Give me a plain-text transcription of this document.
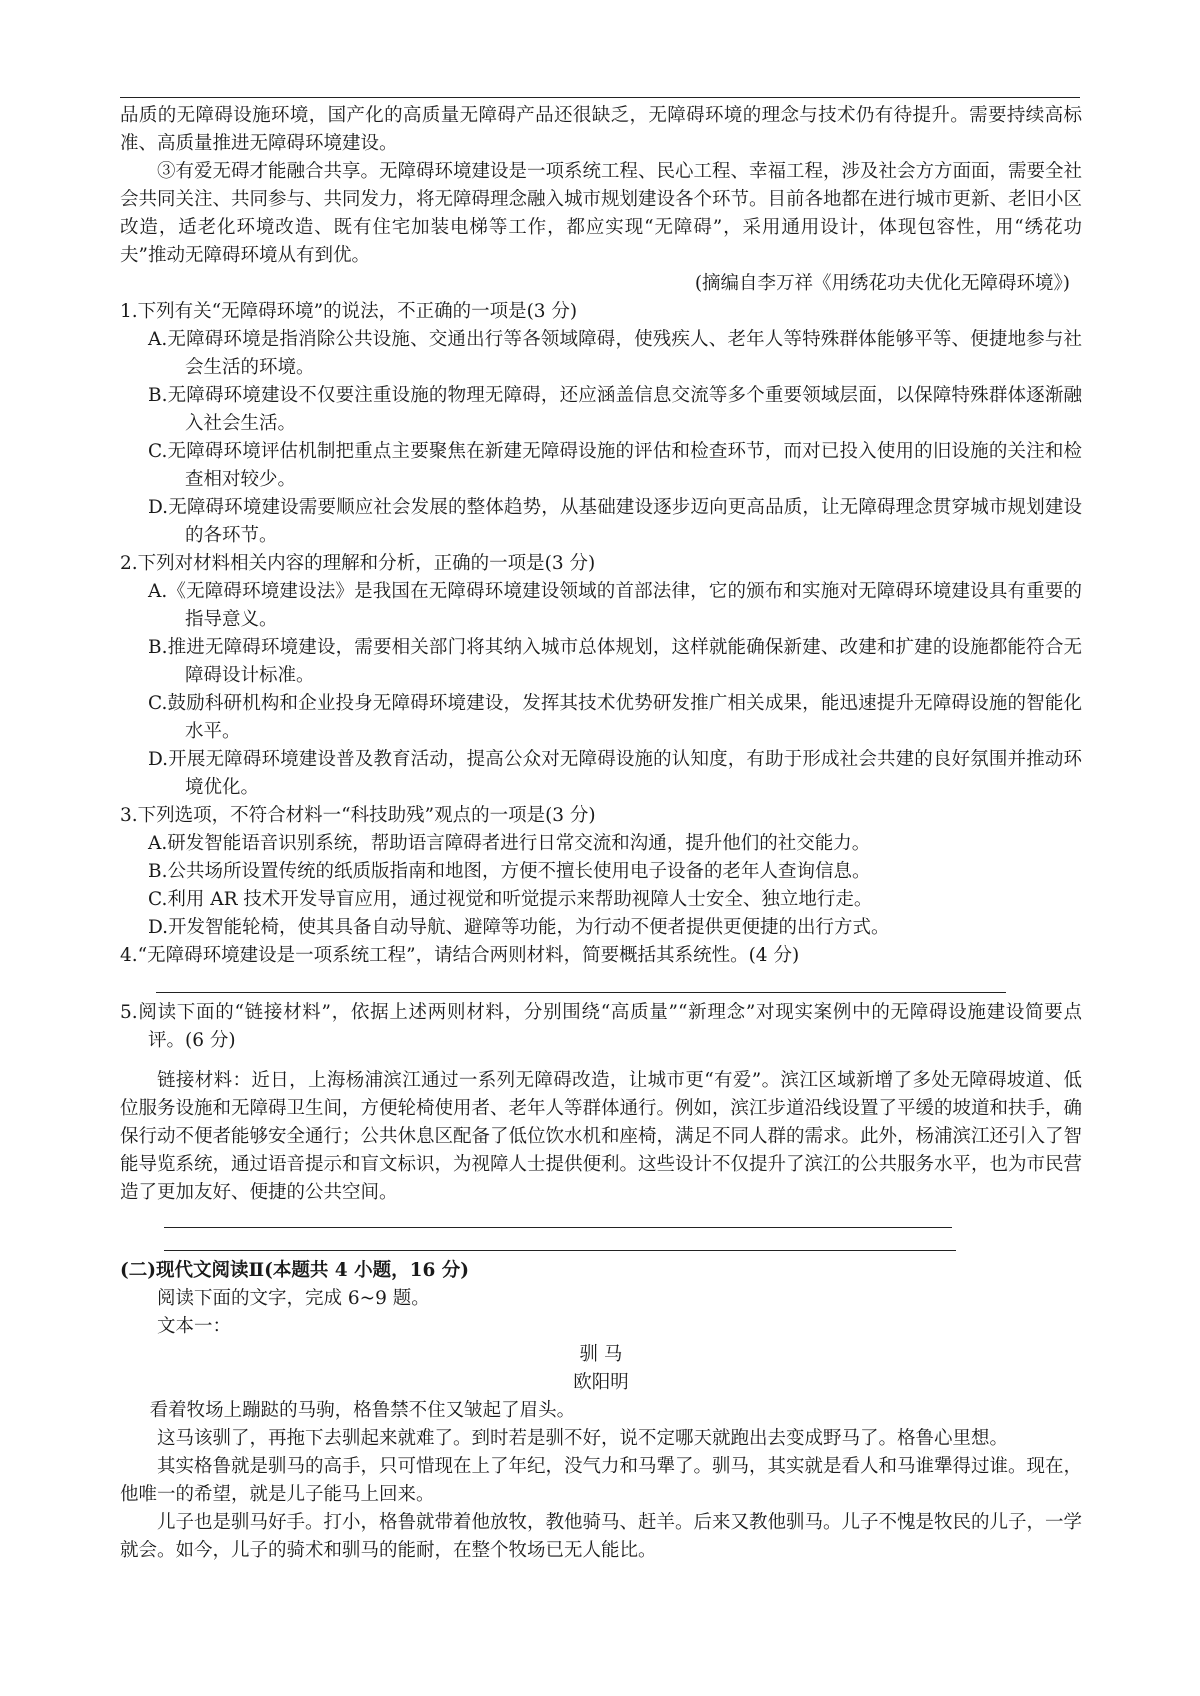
品质的无障碍设施环境，国产化的高质量无障碍产品还很缺乏，无障碍环境的理念与技术仍有待提升。需要持续高标准、高质量推进无障碍环境建设。

③有爱无碍才能融合共享。无障碍环境建设是一项系统工程、民心工程、幸福工程，涉及社会方方面面，需要全社会共同关注、共同参与、共同发力，将无障碍理念融入城市规划建设各个环节。目前各地都在进行城市更新、老旧小区改造，适老化环境改造、既有住宅加装电梯等工作，都应实现“无障碍”，采用通用设计，体现包容性，用“绣花功夫”推动无障碍环境从有到优。

(摘编自李万祥《用绣花功夫优化无障碍环境》)

1.下列有关“无障碍环境”的说法，不正确的一项是(3 分)

A.无障碍环境是指消除公共设施、交通出行等各领域障碍，使残疾人、老年人等特殊群体能够平等、便捷地参与社会生活的环境。

B.无障碍环境建设不仅要注重设施的物理无障碍，还应涵盖信息交流等多个重要领域层面，以保障特殊群体逐渐融入社会生活。

C.无障碍环境评估机制把重点主要聚焦在新建无障碍设施的评估和检查环节，而对已投入使用的旧设施的关注和检查相对较少。

D.无障碍环境建设需要顺应社会发展的整体趋势，从基础建设逐步迈向更高品质，让无障碍理念贯穿城市规划建设的各环节。

2.下列对材料相关内容的理解和分析，正确的一项是(3 分)

A.《无障碍环境建设法》是我国在无障碍环境建设领域的首部法律，它的颁布和实施对无障碍环境建设具有重要的指导意义。

B.推进无障碍环境建设，需要相关部门将其纳入城市总体规划，这样就能确保新建、改建和扩建的设施都能符合无障碍设计标准。

C.鼓励科研机构和企业投身无障碍环境建设，发挥其技术优势研发推广相关成果，能迅速提升无障碍设施的智能化水平。

D.开展无障碍环境建设普及教育活动，提高公众对无障碍设施的认知度，有助于形成社会共建的良好氛围并推动环境优化。

3.下列选项，不符合材料一“科技助残”观点的一项是(3 分)

A.研发智能语音识别系统，帮助语言障碍者进行日常交流和沟通，提升他们的社交能力。

B.公共场所设置传统的纸质版指南和地图，方便不擅长使用电子设备的老年人查询信息。

C.利用 AR 技术开发导盲应用，通过视觉和听觉提示来帮助视障人士安全、独立地行走。

D.开发智能轮椅，使其具备自动导航、避障等功能，为行动不便者提供更便捷的出行方式。

4.“无障碍环境建设是一项系统工程”，请结合两则材料，简要概括其系统性。(4 分)

5.阅读下面的“链接材料”，依据上述两则材料，分别围绕“高质量”“新理念”对现实案例中的无障碍设施建设简要点评。(6 分)

链接材料：近日，上海杨浦滨江通过一系列无障碍改造，让城市更“有爱”。滨江区域新增了多处无障碍坡道、低位服务设施和无障碍卫生间，方便轮椅使用者、老年人等群体通行。例如，滨江步道沿线设置了平缓的坡道和扶手，确保行动不便者能够安全通行；公共休息区配备了低位饮水机和座椅，满足不同人群的需求。此外，杨浦滨江还引入了智能导览系统，通过语音提示和盲文标识，为视障人士提供便利。这些设计不仅提升了滨江的公共服务水平，也为市民营造了更加友好、便捷的公共空间。

(二)现代文阅读Ⅱ(本题共 4 小题，16 分)

阅读下面的文字，完成 6~9 题。

文本一：

驯 马

欧阳明

看着牧场上蹦跶的马驹，格鲁禁不住又皱起了眉头。

这马该驯了，再拖下去驯起来就难了。到时若是驯不好，说不定哪天就跑出去变成野马了。格鲁心里想。

其实格鲁就是驯马的高手，只可惜现在上了年纪，没气力和马犟了。驯马，其实就是看人和马谁犟得过谁。现在，他唯一的希望，就是儿子能马上回来。

儿子也是驯马好手。打小，格鲁就带着他放牧，教他骑马、赶羊。后来又教他驯马。儿子不愧是牧民的儿子，一学就会。如今，儿子的骑术和驯马的能耐，在整个牧场已无人能比。
